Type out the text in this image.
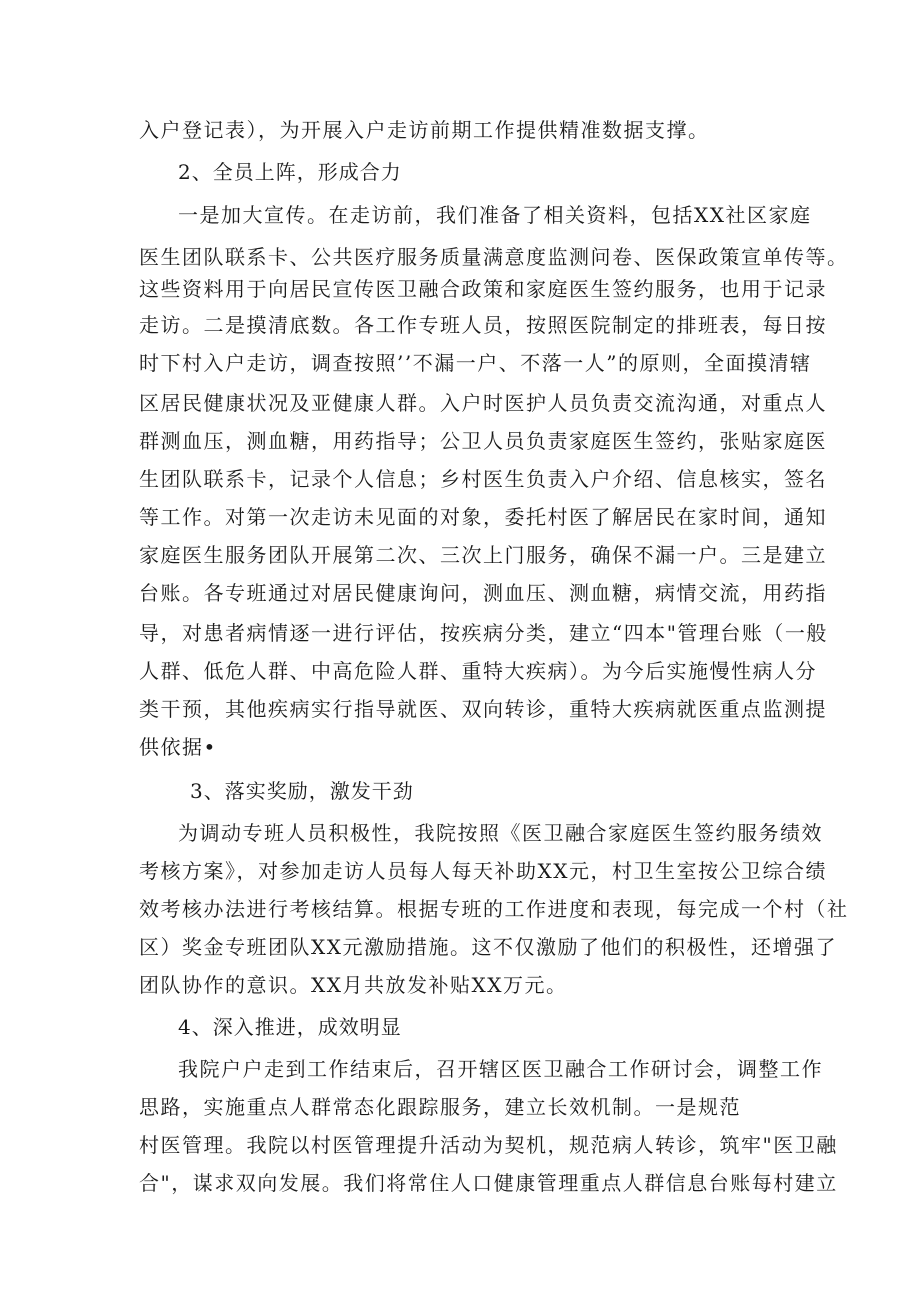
入户登记表），为开展入户走访前期工作提供精准数据支撑。
2、全员上阵，形成合力
一是加大宣传。在走访前，我们准备了相关资料，包括XX社区家庭
医生团队联系卡、公共医疗服务质量满意度监测问卷、医保政策宣单传等。
这些资料用于向居民宣传医卫融合政策和家庭医生签约服务，也用于记录
走访。二是摸清底数。各工作专班人员，按照医院制定的排班表，每日按
时下村入户走访，调查按照’’不漏一户、不落一人”的原则，全面摸清辖
区居民健康状况及亚健康人群。入户时医护人员负责交流沟通，对重点人
群测血压，测血糖，用药指导；公卫人员负责家庭医生签约，张贴家庭医
生团队联系卡，记录个人信息；乡村医生负责入户介绍、信息核实，签名
等工作。对第一次走访未见面的对象，委托村医了解居民在家时间，通知
家庭医生服务团队开展第二次、三次上门服务，确保不漏一户。三是建立
台账。各专班通过对居民健康询问，测血压、测血糖，病情交流，用药指
导，对患者病情逐一进行评估，按疾病分类，建立“四本"管理台账（一般
人群、低危人群、中高危险人群、重特大疾病）。为今后实施慢性病人分
类干预，其他疾病实行指导就医、双向转诊，重特大疾病就医重点监测提
供依据•
3、落实奖励，激发干劲
为调动专班人员积极性，我院按照《医卫融合家庭医生签约服务绩效
考核方案》，对参加走访人员每人每天补助XX元，村卫生室按公卫综合绩
效考核办法进行考核结算。根据专班的工作进度和表现，每完成一个村（社
区）奖金专班团队XX元激励措施。这不仅激励了他们的积极性，还增强了
团队协作的意识。XX月共放发补贴XX万元。
4、深入推进，成效明显
我院户户走到工作结束后，召开辖区医卫融合工作研讨会，调整工作
思路，实施重点人群常态化跟踪服务，建立长效机制。一是规范
村医管理。我院以村医管理提升活动为契机，规范病人转诊，筑牢"医卫融
合"，谋求双向发展。我们将常住人口健康管理重点人群信息台账每村建立
